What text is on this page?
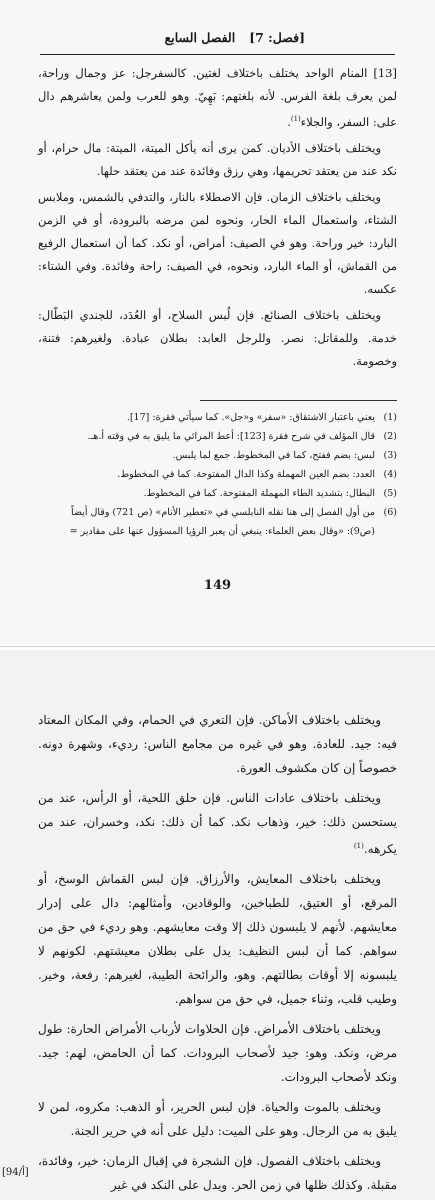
[فصل: 7]الفصل السابع

[13] المنام الواحد يختلف باختلاف لغتين. كالسفرجل: عز وجمال وراحة، لمن يعرف بلغة الفرس. لأنه بلغتهم: بَهِيّ. وهو للعرب ولمن يعاشرهم دال على: السفر، والجلاء$^{(1)}$.

ويختلف باختلاف الأديان. كمن يرى أنه يأكل الميتة، الميتة: مال حرام، أو نكد عند من يعتقد تحريمها، وهي رزق وفائدة عند من يعتقد حلها.

ويختلف باختلاف الزمان. فإن الاصطلاء بالنار، والتدفي بالشمس، وملابس الشتاء، واستعمال الماء الحار، ونحوه لمن مرضه بالبرودة، أو في الزمن البارد: خير وراحة. وهو في الصيف: أمراض، أو نكد. كما أن استعمال الرفيع من القماش، أو الماء البارد، ونحوه، في الصيف: راحة وفائدة. وفي الشتاء: عكسه.

ويختلف باختلاف الصنائع. فإن لُبس السلاح، أو العُدَد، للجندي البَطّال: خدمة. وللمقاتل: نصر. وللرجل العابد: بطلان عبادة. ولغيرهم: فتنة، وخصومة.

(1)يعني باعتبار الاشتقاق: «سفر» و«جل». كما سيأتي فقرة: [17].
(2)قال المؤلف في شرح فقرة [123]: أعط المرائي ما يليق به في وقته أ.هـ.
(3)لبس: بضم ففتح، كما في المخطوط. جمع لما يلبس.
(4)العدد: بضم العين المهملة وكذا الدال المفتوحة. كما في المخطوط.
(5)البطال: بتشديد الطاء المهملة المفتوحة. كما في المخطوط.
(6)من أول الفصل إلى هنا نقله النابلسي في «تعطير الأنام» (ص 721) وقال أيضاً
(ص9): «وقال بعض العلماء: ينبغي أن يعبر الرؤيا المسؤول عنها على مقادير =
149

ويختلف باختلاف الأماكن. فإن التعري في الحمام، وفي المكان المعتاد فيه: جيد. للعادة. وهو في غيره من مجامع الناس: رديء، وشهرة دونه. خصوصاً إن كان مكشوف العورة.

ويختلف باختلاف عادات الناس. فإن حلق اللحية، أو الرأس، عند من يستحسن ذلك: خير، وذهاب نكد. كما أن ذلك: نكد، وخسران، عند من يكرهه.$^{(1)}$

ويختلف باختلاف المعايش، والأرزاق. فإن لبس القماش الوسخ، أو المرقع، أو العتيق، للطباخين، والوقادين، وأمثالهم: دال على إدرار معايشهم. لأنهم لا يلبسون ذلك إلا وقت معايشهم. وهو رديء في حق من سواهم. كما أن لبس النظيف: يدل على بطلان معيشتهم. لكونهم لا يلبسونه إلا أوقات بطالتهم. وهو، والرائحة الطيبة، لغيرهم: رفعة، وخير. وطيب قلب، وثناء جميل، في حق من سواهم.

ويختلف باختلاف الأمراض. فإن الحلاوات لأرباب الأمراض الحارة: طول مرض، ونكد. وهو: جيد لأصحاب البرودات. كما أن الحامض، لهم: جيد. ونكد لأصحاب البرودات.

ويختلف بالموت والحياة. فإن لبس الحرير، أو الذهب: مكروه، لمن لا يليق به من الرجال. وهو على الميت: دليل على أنه في حرير الجنة.

ويختلف باختلاف الفصول. فإن الشجرة في إقبال الزمان: خير، وفائدة، مقبلة. وكذلك ظلها في زمن الحر. ويدل على النكد في غير

[94/أ]
